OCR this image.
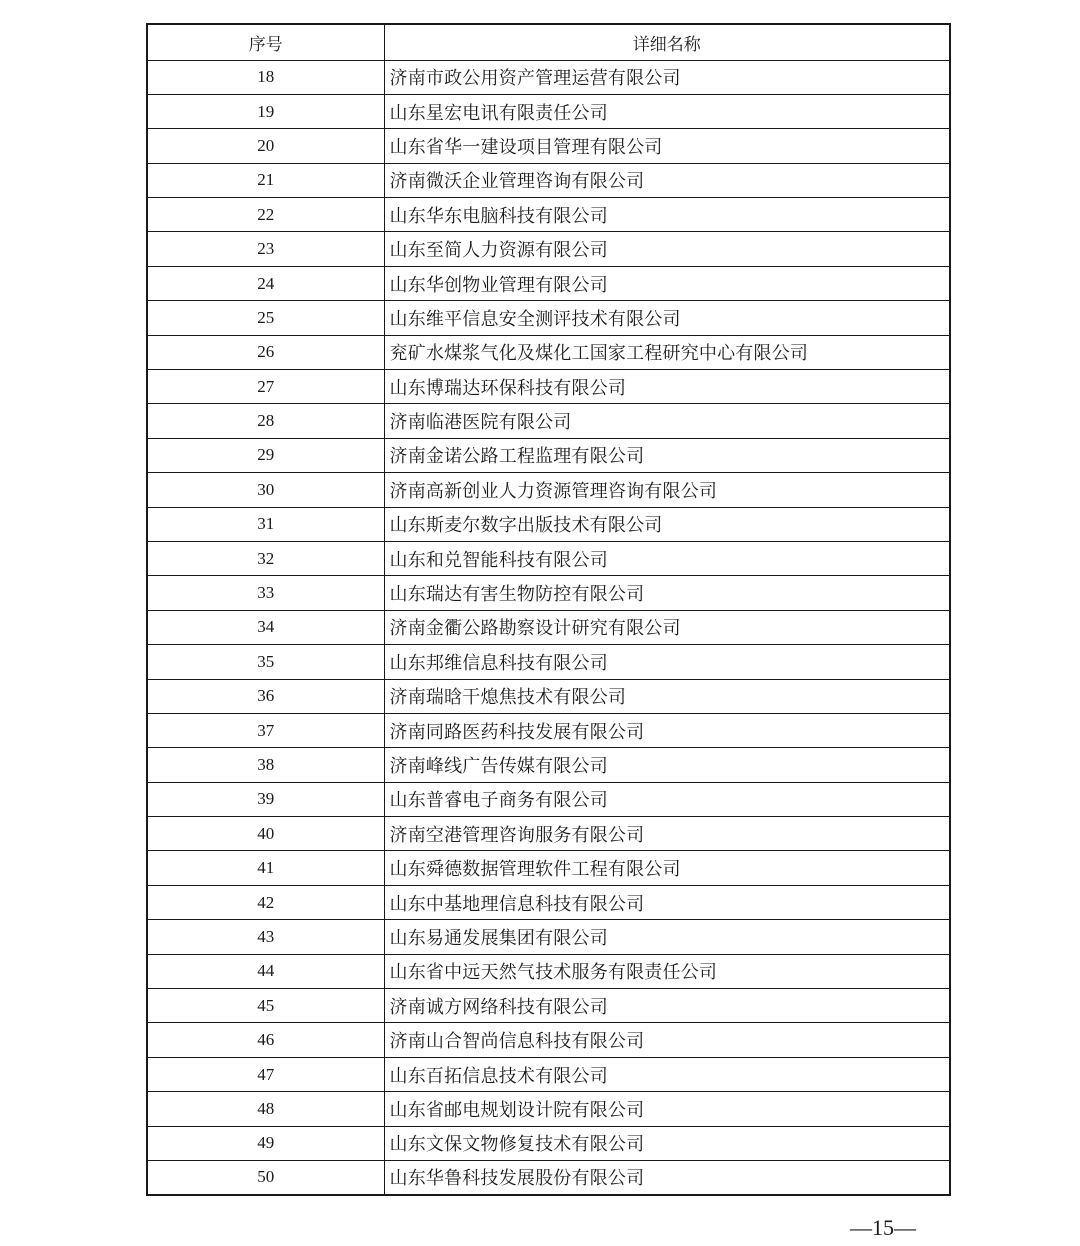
序号	详细名称
18	济南市政公用资产管理运营有限公司
19	山东星宏电讯有限责任公司
20	山东省华一建设项目管理有限公司
21	济南微沃企业管理咨询有限公司
22	山东华东电脑科技有限公司
23	山东至简人力资源有限公司
24	山东华创物业管理有限公司
25	山东维平信息安全测评技术有限公司
26	兖矿水煤浆气化及煤化工国家工程研究中心有限公司
27	山东博瑞达环保科技有限公司
28	济南临港医院有限公司
29	济南金诺公路工程监理有限公司
30	济南高新创业人力资源管理咨询有限公司
31	山东斯麦尔数字出版技术有限公司
32	山东和兑智能科技有限公司
33	山东瑞达有害生物防控有限公司
34	济南金衢公路勘察设计研究有限公司
35	山东邦维信息科技有限公司
36	济南瑞晗干熄焦技术有限公司
37	济南同路医药科技发展有限公司
38	济南峰线广告传媒有限公司
39	山东普睿电子商务有限公司
40	济南空港管理咨询服务有限公司
41	山东舜德数据管理软件工程有限公司
42	山东中基地理信息科技有限公司
43	山东易通发展集团有限公司
44	山东省中远天然气技术服务有限责任公司
45	济南诚方网络科技有限公司
46	济南山合智尚信息科技有限公司
47	山东百拓信息技术有限公司
48	山东省邮电规划设计院有限公司
49	山东文保文物修复技术有限公司
50	山东华鲁科技发展股份有限公司
—15—
